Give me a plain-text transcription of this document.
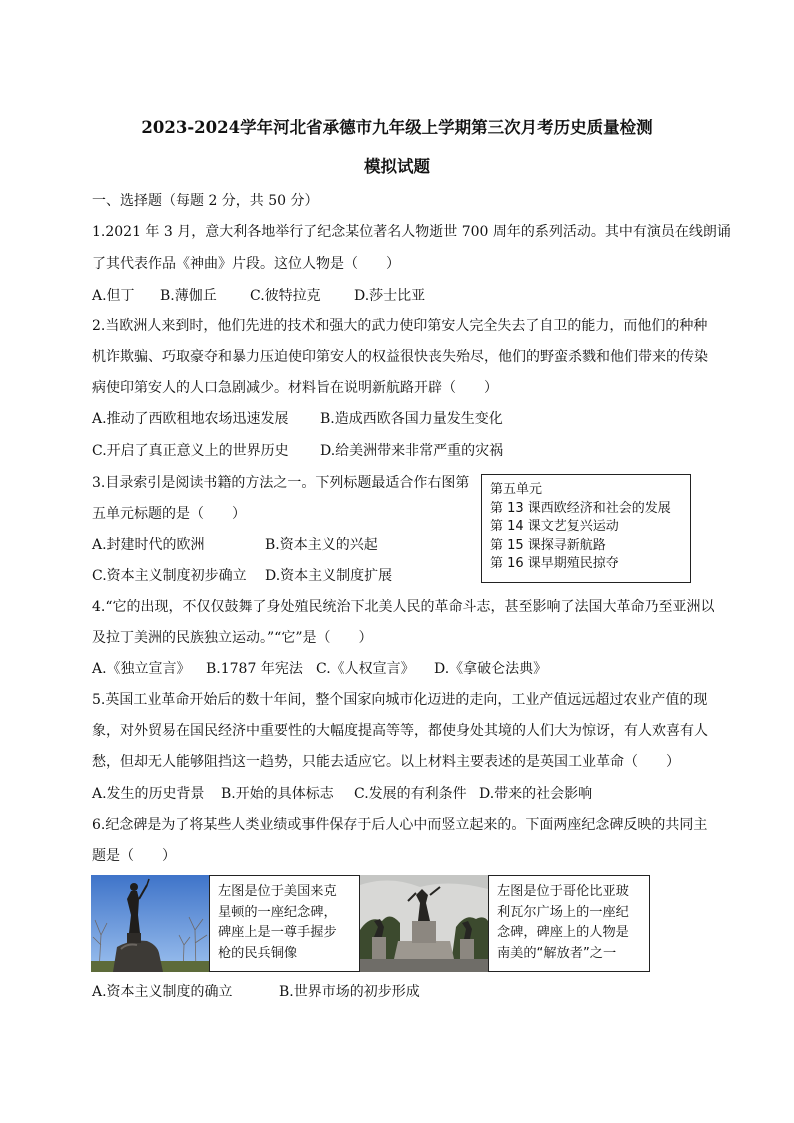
2023-2024学年河北省承德市九年级上学期第三次月考历史质量检测
模拟试题
一、选择题（每题 2 分，共 50 分）
1.2021 年 3 月，意大利各地举行了纪念某位著名人物逝世 700 周年的系列活动。其中有演员在线朗诵
了其代表作品《神曲》片段。这位人物是（　　）
A.但丁 B.薄伽丘 C.彼特拉克 D.莎士比亚
2.当欧洲人来到时，他们先进的技术和强大的武力使印第安人完全失去了自卫的能力，而他们的种种
机诈欺骗、巧取豪夺和暴力压迫使印第安人的权益很快丧失殆尽，他们的野蛮杀戮和他们带来的传染
病使印第安人的人口急剧减少。材料旨在说明新航路开辟（　　）
A.推动了西欧租地农场迅速发展 B.造成西欧各国力量发生变化
C.开启了真正意义上的世界历史 D.给美洲带来非常严重的灾祸
3.目录索引是阅读书籍的方法之一。下列标题最适合作右图第
五单元标题的是（　　）
A.封建时代的欧洲	B.资本主义的兴起
C.资本主义制度初步确立 D.资本主义制度扩展
第五单元
第 13 课西欧经济和社会的发展
第 14 课文艺复兴运动
第 15 课探寻新航路
第 16 课早期殖民掠夺
4.“它的出现，不仅仅鼓舞了身处殖民统治下北美人民的革命斗志，甚至影响了法国大革命乃至亚洲以
及拉丁美洲的民族独立运动。”“它”是（　　）
A.《独立宣言》 B.1787 年宪法 C.《人权宣言》 D.《拿破仑法典》
5.英国工业革命开始后的数十年间，整个国家向城市化迈进的走向，工业产值远远超过农业产值的现
象，对外贸易在国民经济中重要性的大幅度提高等等，都使身处其境的人们大为惊讶，有人欢喜有人
愁，但却无人能够阻挡这一趋势，只能去适应它。以上材料主要表述的是英国工业革命（　　）
A.发生的历史背景 B.开始的具体标志 C.发展的有利条件 D.带来的社会影响
6.纪念碑是为了将某些人类业绩或事件保存于后人心中而竖立起来的。下面两座纪念碑反映的共同主
题是（　　）
左图是位于美国来克
星顿的一座纪念碑，
碑座上是一尊手握步
枪的民兵铜像
左图是位于哥伦比亚玻
利瓦尔广场上的一座纪
念碑，碑座上的人物是
南美的“解放者”之一
A.资本主义制度的确立	B.世界市场的初步形成
